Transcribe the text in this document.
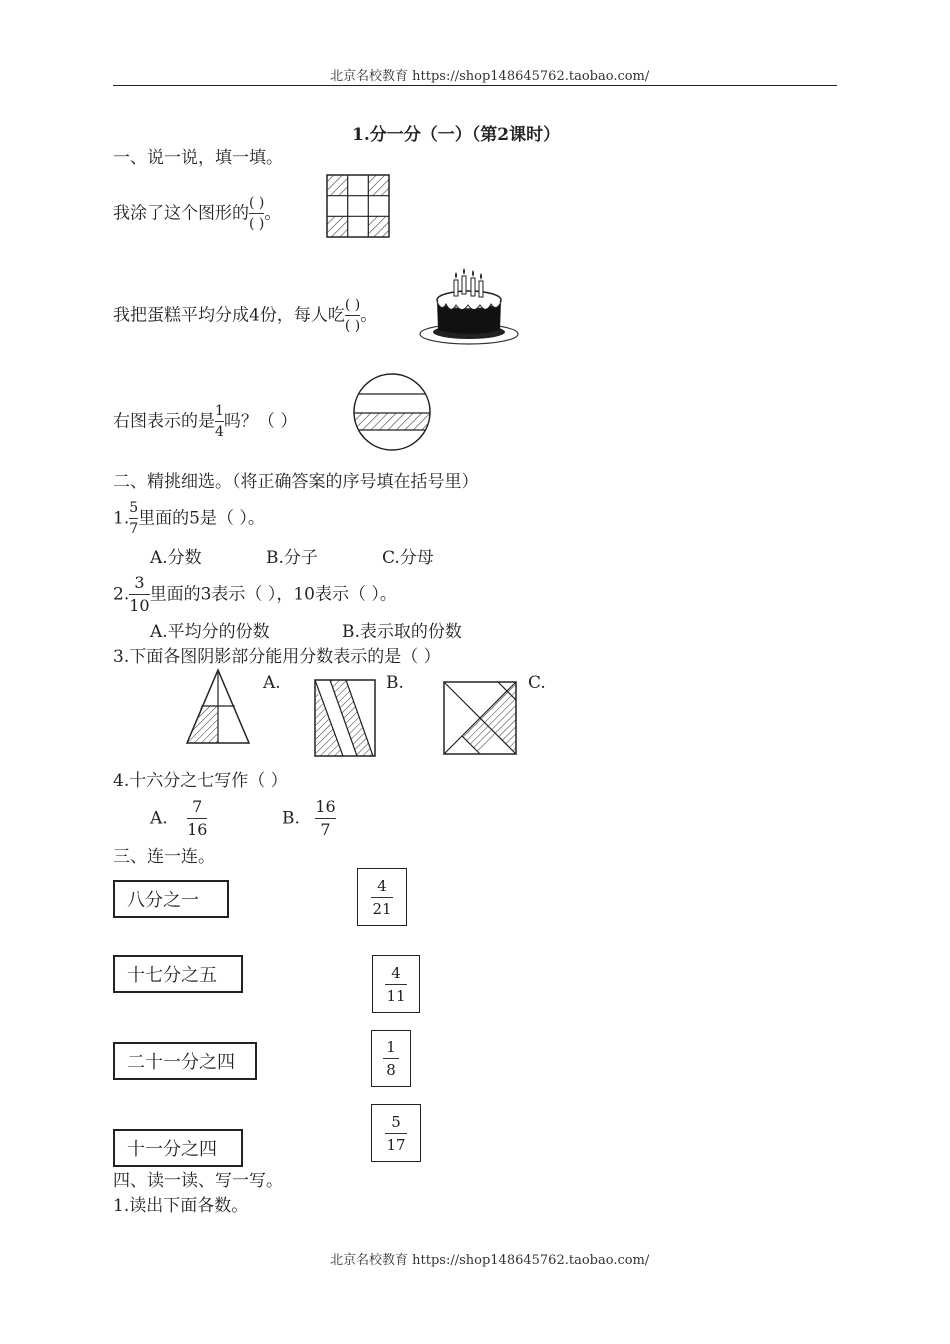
北京名校教育 https://shop148645762.taobao.com/
1.分一分（一）（第2课时）
一、说一说，填一填。
我涂了这个图形的 $\frac{( )}{( )}$ 。
我把蛋糕平均分成4份，每人吃 $\frac{( )}{( )}$ 。
右图表示的是 $\frac{1}{4}$ 吗？（ ）
二、精挑细选。（将正确答案的序号填在括号里）
1. $\frac{5}{7}$ 里面的5是（ ）。
A.分数	B.分子	C.分母
2. $\frac{3}{10}$ 里面的3表示（ ），10表示（ ）。
A.平均分的份数	B.表示取的份数
3.下面各图阴影部分能用分数表示的是（ ）
A.	B.	C.
4.十六分之七写作（ ）
A. $\frac{7}{16}$	B. $\frac{16}{7}$
三、连一连。
八分之一
十七分之五
二十一分之四
十一分之四
$\frac{4}{21}$
$\frac{4}{11}$
$\frac{1}{8}$
$\frac{5}{17}$
四、读一读、写一写。
1.读出下面各数。
北京名校教育 https://shop148645762.taobao.com/
